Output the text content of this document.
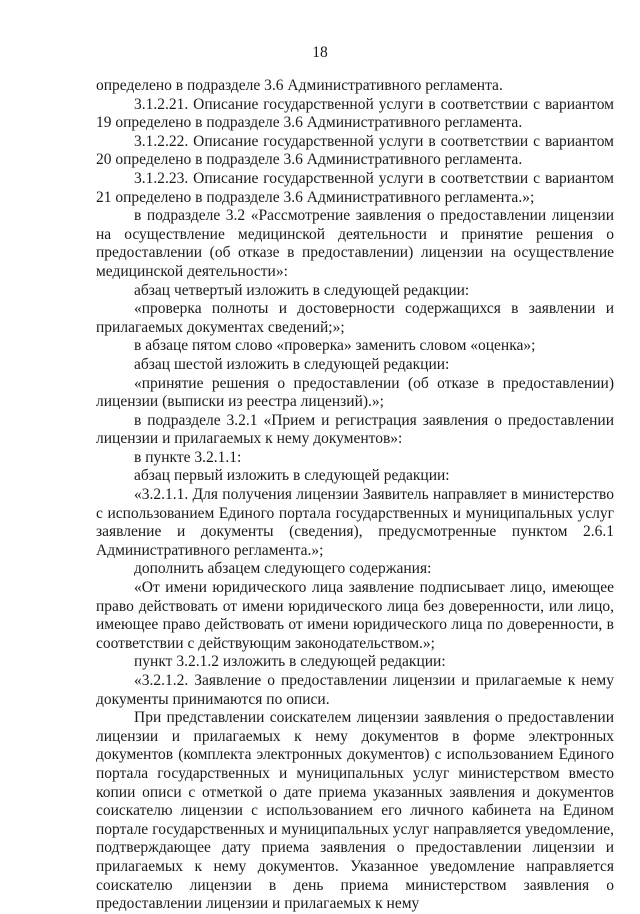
18

определено в подразделе 3.6 Административного регламента.

3.1.2.21. Описание государственной услуги в соответствии с вариантом 19 определено в подразделе 3.6 Административного регламента.

3.1.2.22. Описание государственной услуги в соответствии с вариантом 20 определено в подразделе 3.6 Административного регламента.

3.1.2.23. Описание государственной услуги в соответствии с вариантом 21 определено в подразделе 3.6 Административного регламента.»;

в подразделе 3.2 «Рассмотрение заявления о предоставлении лицензии на осуществление медицинской деятельности и принятие решения о предоставлении (об отказе в предоставлении) лицензии на осуществление медицинской деятельности»:

абзац четвертый изложить в следующей редакции:

«проверка полноты и достоверности содержащихся в заявлении и прилагаемых документах сведений;»;

в абзаце пятом слово «проверка» заменить словом «оценка»;

абзац шестой изложить в следующей редакции:

«принятие решения о предоставлении (об отказе в предоставлении) лицензии (выписки из реестра лицензий).»;

в подразделе 3.2.1 «Прием и регистрация заявления о предоставлении лицензии и прилагаемых к нему документов»:

в пункте 3.2.1.1:

абзац первый изложить в следующей редакции:

«3.2.1.1. Для получения лицензии Заявитель направляет в министерство с использованием Единого портала государственных и муниципальных услуг заявление и документы (сведения), предусмотренные пунктом 2.6.1 Административного регламента.»;

дополнить абзацем следующего содержания:

«От имени юридического лица заявление подписывает лицо, имеющее право действовать от имени юридического лица без доверенности, или лицо, имеющее право действовать от имени юридического лица по доверенности, в соответствии с действующим законодательством.»;

пункт 3.2.1.2 изложить в следующей редакции:

«3.2.1.2. Заявление о предоставлении лицензии и прилагаемые к нему документы принимаются по описи.

При представлении соискателем лицензии заявления о предоставлении лицензии и прилагаемых к нему документов в форме электронных документов (комплекта электронных документов) с использованием Единого портала государственных и муниципальных услуг министерством вместо копии описи с отметкой о дате приема указанных заявления и документов соискателю лицензии с использованием его личного кабинета на Едином портале государственных и муниципальных услуг направляется уведомление, подтверждающее дату приема заявления о предоставлении лицензии и прилагаемых к нему документов. Указанное уведомление направляется соискателю лицензии в день приема министерством заявления о предоставлении лицензии и прилагаемых к нему
